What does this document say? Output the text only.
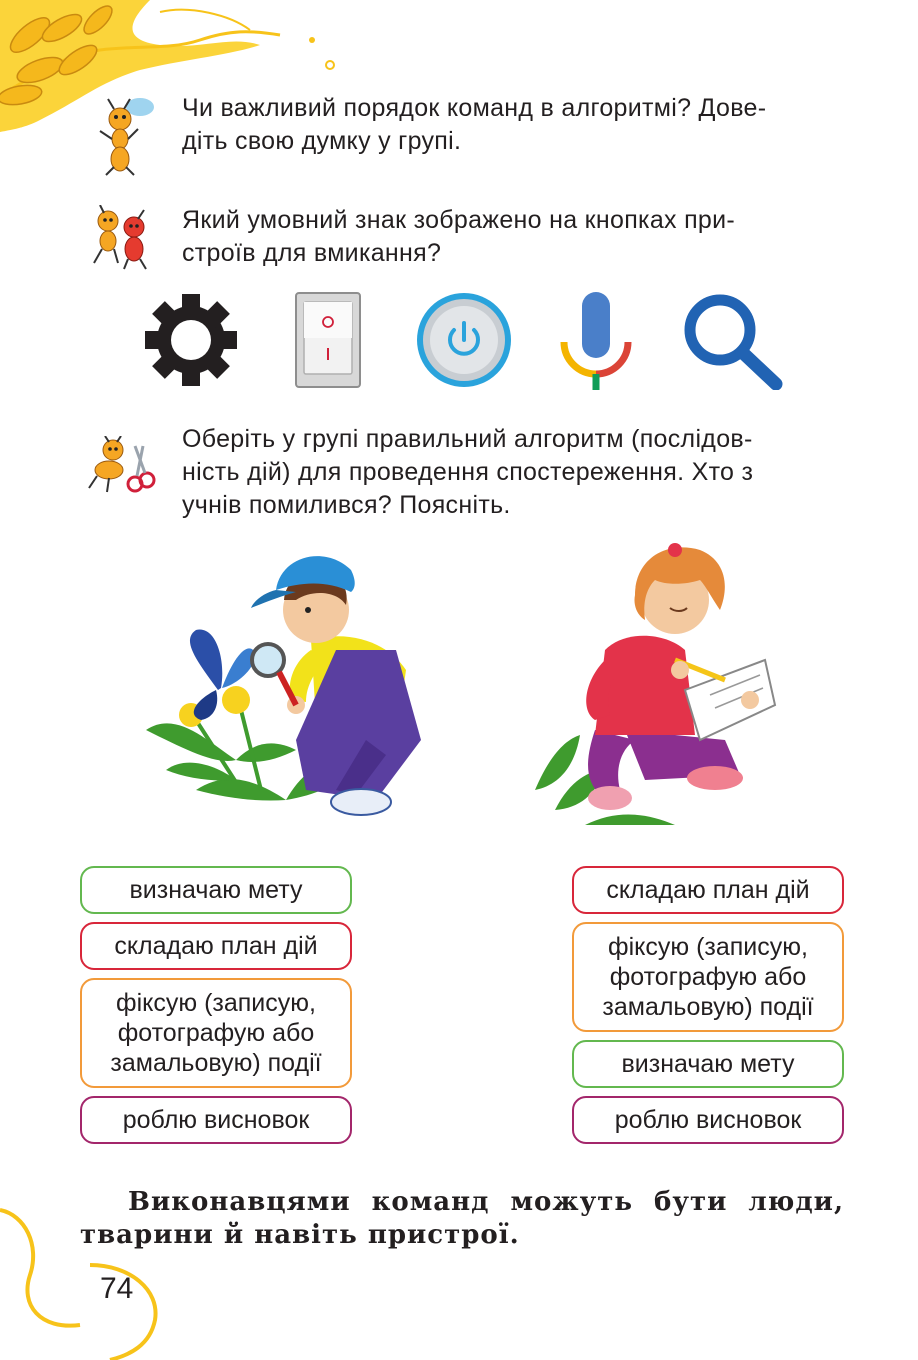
Чи важливий порядок команд в алгоритмі? Дове-
діть свою думку у групі.
Який умовний знак зображено на кнопках при-
строїв для вмикання?
Оберіть у групі правильний алгоритм (послідов-
ність дій) для проведення спостереження. Хто з
учнів помилився? Поясніть.
визначаю мету
складаю план дій
фіксую (записую,
фотографую або
замальовую) події
роблю висновок
складаю план дій
фіксую (записую,
фотографую або
замальовую) події
визначаю мету
роблю висновок
Виконавцями команд можуть бути люди, тварини й навіть пристрої.
74
